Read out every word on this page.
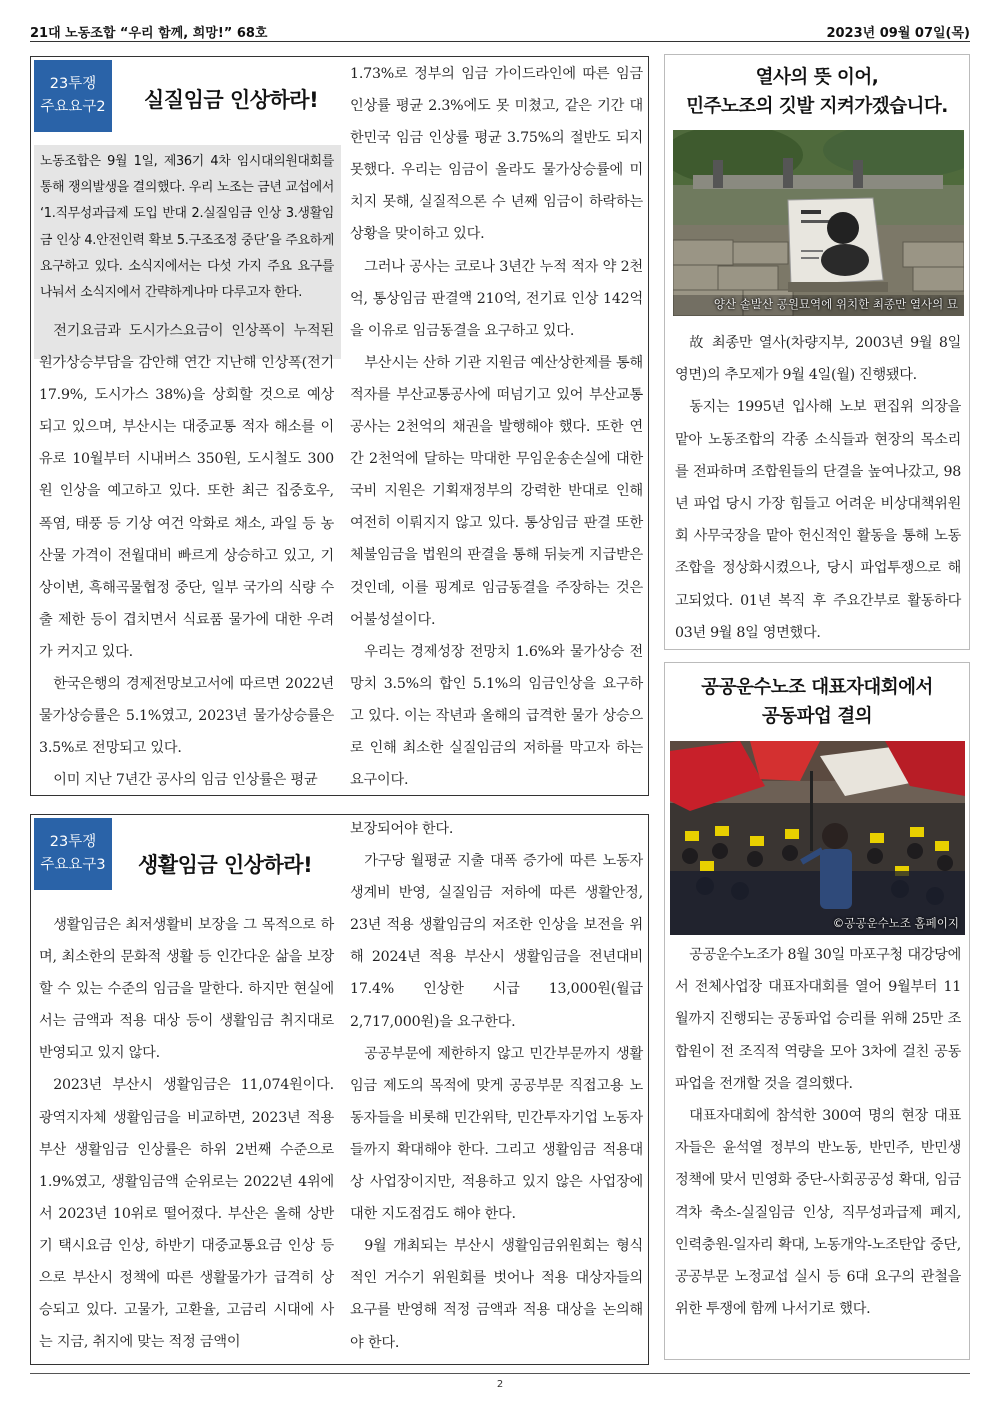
21대 노동조합 “우리 함께, 희망!” 68호	2023년 09월 07일(목)
23투쟁
주요요구2	실질임금 인상하라!
노동조합은 9월 1일, 제36기 4차 임시대의원대회를 통해 쟁의발생을 결의했다. 우리 노조는 금년 교섭에서 ‘1.직무성과급제 도입 반대 2.실질임금 인상 3.생활임금 인상 4.안전인력 확보 5.구조조정 중단’을 주요하게 요구하고 있다. 소식지에서는 다섯 가지 주요 요구를 나눠서 소식지에서 간략하게나마 다루고자 한다.

전기요금과 도시가스요금이 인상폭이 누적된 원가상승부담을 감안해 연간 지난해 인상폭(전기 17.9%, 도시가스 38%)을 상회할 것으로 예상되고 있으며, 부산시는 대중교통 적자 해소를 이유로 10월부터 시내버스 350원, 도시철도 300원 인상을 예고하고 있다. 또한 최근 집중호우, 폭염, 태풍 등 기상 여건 악화로 채소, 과일 등 농산물 가격이 전월대비 빠르게 상승하고 있고, 기상이변, 흑해곡물협정 중단, 일부 국가의 식량 수출 제한 등이 겹치면서 식료품 물가에 대한 우려가 커지고 있다.

한국은행의 경제전망보고서에 따르면 2022년 물가상승률은 5.1%였고, 2023년 물가상승률은 3.5%로 전망되고 있다.

이미 지난 7년간 공사의 임금 인상률은 평균

1.73%로 정부의 임금 가이드라인에 따른 임금 인상률 평균 2.3%에도 못 미쳤고, 같은 기간 대한민국 임금 인상률 평균 3.75%의 절반도 되지 못했다. 우리는 임금이 올라도 물가상승률에 미치지 못해, 실질적으론 수 년째 임금이 하락하는 상황을 맞이하고 있다.

그러나 공사는 코로나 3년간 누적 적자 약 2천억, 통상임금 판결액 210억, 전기료 인상 142억을 이유로 임금동결을 요구하고 있다.

부산시는 산하 기관 지원금 예산상한제를 통해 적자를 부산교통공사에 떠넘기고 있어 부산교통공사는 2천억의 채권을 발행해야 했다. 또한 연간 2천억에 달하는 막대한 무임운송손실에 대한 국비 지원은 기획재정부의 강력한 반대로 인해 여전히 이뤄지지 않고 있다. 통상임금 판결 또한 체불임금을 법원의 판결을 통해 뒤늦게 지급받은 것인데, 이를 핑계로 임금동결을 주장하는 것은 어불성설이다.

우리는 경제성장 전망치 1.6%와 물가상승 전망치 3.5%의 합인 5.1%의 임금인상을 요구하고 있다. 이는 작년과 올해의 급격한 물가 상승으로 인해 최소한 실질임금의 저하를 막고자 하는 요구이다.

23투쟁
주요요구3	생활임금 인상하라!

생활임금은 최저생활비 보장을 그 목적으로 하며, 최소한의 문화적 생활 등 인간다운 삶을 보장할 수 있는 수준의 임금을 말한다. 하지만 현실에서는 금액과 적용 대상 등이 생활임금 취지대로 반영되고 있지 않다.

2023년 부산시 생활임금은 11,074원이다. 광역지자체 생활임금을 비교하면, 2023년 적용 부산 생활임금 인상률은 하위 2번째 수준으로 1.9%였고, 생활임금액 순위로는 2022년 4위에서 2023년 10위로 떨어졌다. 부산은 올해 상반기 택시요금 인상, 하반기 대중교통요금 인상 등으로 부산시 정책에 따른 생활물가가 급격히 상승되고 있다. 고물가, 고환율, 고금리 시대에 사는 지금, 취지에 맞는 적정 금액이

보장되어야 한다.

가구당 월평균 지출 대폭 증가에 따른 노동자 생계비 반영, 실질임금 저하에 따른 생활안정, 23년 적용 생활임금의 저조한 인상을 보전을 위해 2024년 적용 부산시 생활임금을 전년대비 17.4% 인상한 시급 13,000원(월급 2,717,000원)을 요구한다.

공공부문에 제한하지 않고 민간부문까지 생활임금 제도의 목적에 맞게 공공부문 직접고용 노동자들을 비롯해 민간위탁, 민간투자기업 노동자들까지 확대해야 한다. 그리고 생활임금 적용대상 사업장이지만, 적용하고 있지 않은 사업장에 대한 지도점검도 해야 한다.

9월 개최되는 부산시 생활임금위원회는 형식적인 거수기 위원회를 벗어나 적용 대상자들의 요구를 반영해 적정 금액과 적용 대상을 논의해야 한다.

열사의 뜻 이어,
민주노조의 깃발 지켜가겠습니다.
양산 솥발산 공원묘역에 위치한 최종만 열사의 묘

故 최종만 열사(차량지부, 2003년 9월 8일 영면)의 추모제가 9월 4일(월) 진행됐다.

동지는 1995년 입사해 노보 편집위 의장을 맡아 노동조합의 각종 소식들과 현장의 목소리를 전파하며 조합원들의 단결을 높여나갔고, 98년 파업 당시 가장 힘들고 어려운 비상대책위원회 사무국장을 맡아 헌신적인 활동을 통해 노동조합을 정상화시켰으나, 당시 파업투쟁으로 해고되었다. 01년 복직 후 주요간부로 활동하다 03년 9월 8일 영면했다.

공공운수노조 대표자대회에서
공동파업 결의
©공공운수노조 홈페이지

공공운수노조가 8월 30일 마포구청 대강당에서 전체사업장 대표자대회를 열어 9월부터 11월까지 진행되는 공동파업 승리를 위해 25만 조합원이 전 조직적 역량을 모아 3차에 걸친 공동파업을 전개할 것을 결의했다.

대표자대회에 참석한 300여 명의 현장 대표자들은 윤석열 정부의 반노동, 반민주, 반민생 정책에 맞서 민영화 중단-사회공공성 확대, 임금격차 축소-실질임금 인상, 직무성과급제 폐지, 인력충원-일자리 확대, 노동개악-노조탄압 중단, 공공부문 노정교섭 실시 등 6대 요구의 관철을 위한 투쟁에 함께 나서기로 했다.

2
